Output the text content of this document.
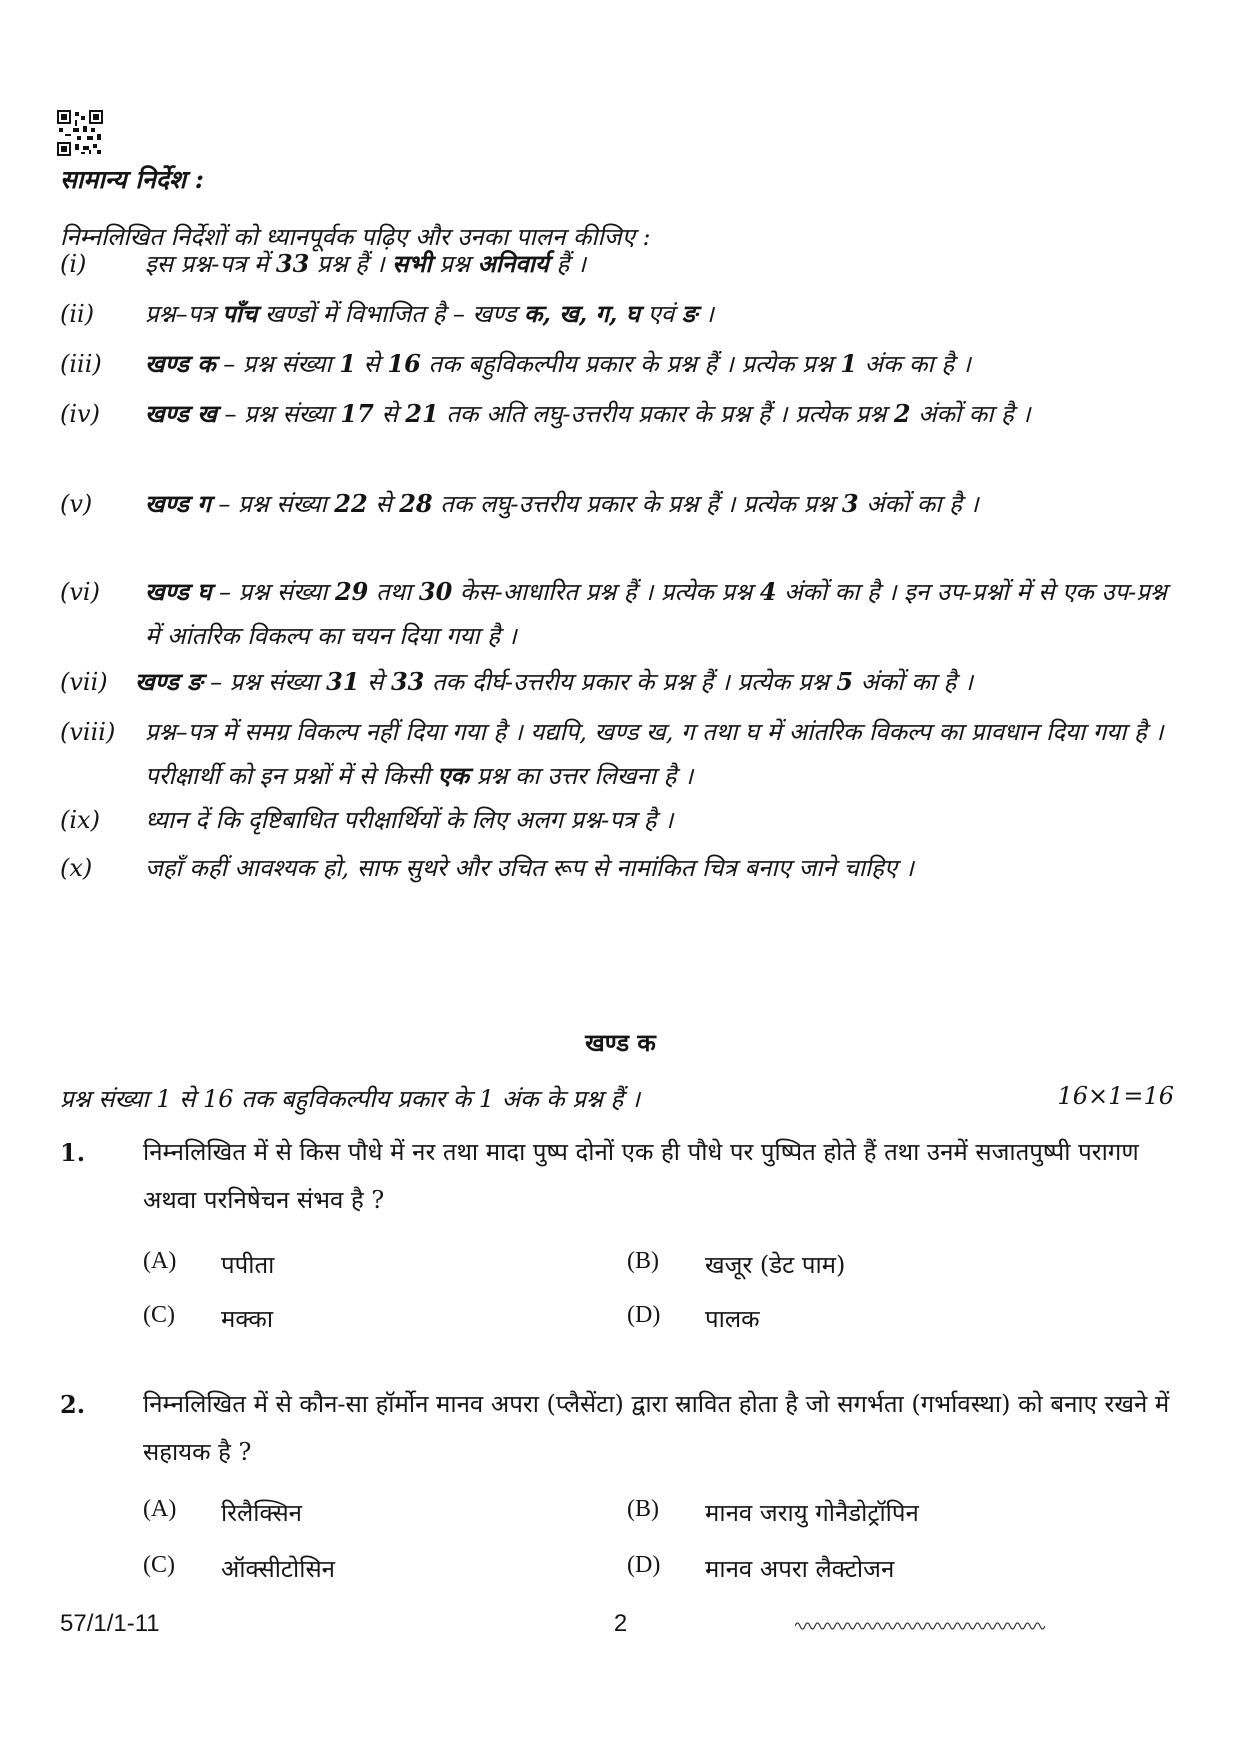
सामान्य निर्देश :
निम्नलिखित निर्देशों को ध्यानपूर्वक पढ़िए और उनका पालन कीजिए :
(i) इस प्रश्न-पत्र में 33 प्रश्न हैं । सभी प्रश्न अनिवार्य हैं ।
(ii) प्रश्न–पत्र पाँच खण्डों में विभाजित है – खण्ड क, ख, ग, घ एवं ङ ।
(iii) खण्ड क – प्रश्न संख्या 1 से 16 तक बहुविकल्पीय प्रकार के प्रश्न हैं । प्रत्येक प्रश्न 1 अंक का है ।
(iv) खण्ड ख – प्रश्न संख्या 17 से 21 तक अति लघु-उत्तरीय प्रकार के प्रश्न हैं । प्रत्येक प्रश्न 2 अंकों का है ।
(v) खण्ड ग – प्रश्न संख्या 22 से 28 तक लघु-उत्तरीय प्रकार के प्रश्न हैं । प्रत्येक प्रश्न 3 अंकों का है ।
(vi) खण्ड घ – प्रश्न संख्या 29 तथा 30 केस-आधारित प्रश्न हैं । प्रत्येक प्रश्न 4 अंकों का है । इन उप-प्रश्नों में से एक उप-प्रश्न में आंतरिक विकल्प का चयन दिया गया है ।
(vii) खण्ड ङ – प्रश्न संख्या 31 से 33 तक दीर्घ-उत्तरीय प्रकार के प्रश्न हैं । प्रत्येक प्रश्न 5 अंकों का है ।
(viii) प्रश्न–पत्र में समग्र विकल्प नहीं दिया गया है । यद्यपि, खण्ड ख, ग तथा घ में आंतरिक विकल्प का प्रावधान दिया गया है । परीक्षार्थी को इन प्रश्नों में से किसी एक प्रश्न का उत्तर लिखना है ।
(ix) ध्यान दें कि दृष्टिबाधित परीक्षार्थियों के लिए अलग प्रश्न-पत्र है ।
(x) जहाँ कहीं आवश्यक हो, साफ सुथरे और उचित रूप से नामांकित चित्र बनाए जाने चाहिए ।
खण्ड क
प्रश्न संख्या 1 से 16 तक बहुविकल्पीय प्रकार के 1 अंक के प्रश्न हैं ।	16×1=16
1. निम्नलिखित में से किस पौधे में नर तथा मादा पुष्प दोनों एक ही पौधे पर पुष्पित होते हैं तथा उनमें सजातपुष्पी परागण अथवा परनिषेचन संभव है ?
(A) पपीता	(B) खजूर (डेट पाम)
(C) मक्का	(D) पालक
2. निम्नलिखित में से कौन-सा हॉर्मोन मानव अपरा (प्लैसेंटा) द्वारा स्रावित होता है जो सगर्भता (गर्भावस्था) को बनाए रखने में सहायक है ?
(A) रिलैक्सिन	(B) मानव जरायु गोनैडोट्रॉपिन
(C) ऑक्सीटोसिन	(D) मानव अपरा लैक्टोजन
57/1/1-11	2
